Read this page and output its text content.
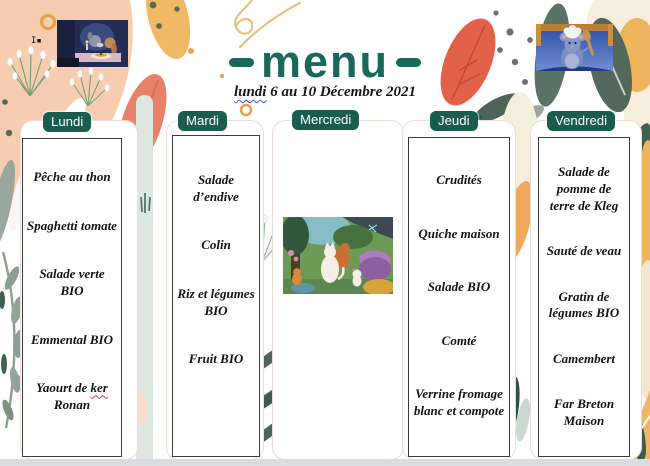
menu
lundi 6 au 10 Décembre 2021
I▪
Lundi	Mardi	Mercredi	Jeudi	Vendredi
Pêche au thon
Spaghetti tomate
Salade verte BIO
Emmental BIO
Yaourt de ker Ronan
Salade d’endive
Colin
Riz et légumes BIO
Fruit BIO
Crudités
Quiche maison
Salade BIO
Comté
Verrine fromage blanc et compote
Salade de pomme de terre de Kleg
Sauté de veau
Gratin de légumes BIO
Camembert
Far Breton Maison
